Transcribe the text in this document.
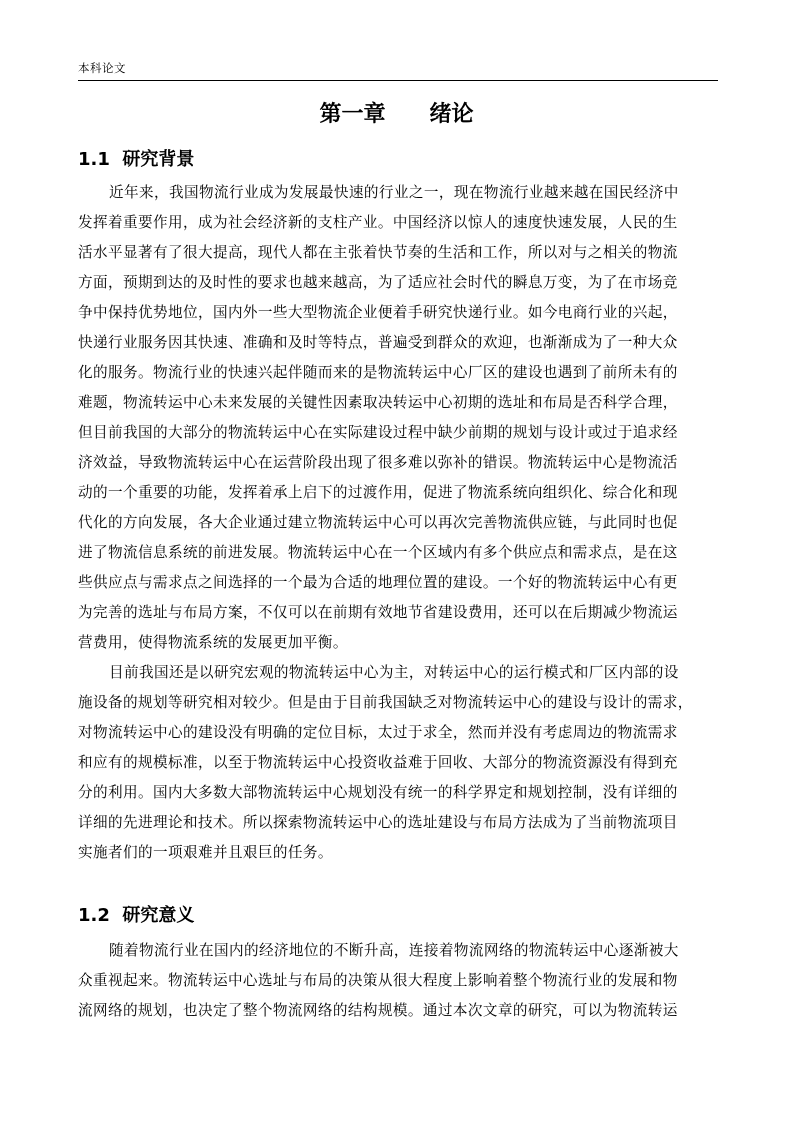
本科论文
第一章　　绪论
1.1  研究背景
近年来，我国物流行业成为发展最快速的行业之一，现在物流行业越来越在国民经济中
发挥着重要作用，成为社会经济新的支柱产业。中国经济以惊人的速度快速发展，人民的生
活水平显著有了很大提高，现代人都在主张着快节奏的生活和工作，所以对与之相关的物流
方面，预期到达的及时性的要求也越来越高，为了适应社会时代的瞬息万变，为了在市场竞
争中保持优势地位，国内外一些大型物流企业便着手研究快递行业。如今电商行业的兴起，
快递行业服务因其快速、准确和及时等特点，普遍受到群众的欢迎，也渐渐成为了一种大众
化的服务。物流行业的快速兴起伴随而来的是物流转运中心厂区的建设也遇到了前所未有的
难题，物流转运中心未来发展的关键性因素取决转运中心初期的选址和布局是否科学合理，
但目前我国的大部分的物流转运中心在实际建设过程中缺少前期的规划与设计或过于追求经
济效益，导致物流转运中心在运营阶段出现了很多难以弥补的错误。物流转运中心是物流活
动的一个重要的功能，发挥着承上启下的过渡作用，促进了物流系统向组织化、综合化和现
代化的方向发展，各大企业通过建立物流转运中心可以再次完善物流供应链，与此同时也促
进了物流信息系统的前进发展。物流转运中心在一个区域内有多个供应点和需求点，是在这
些供应点与需求点之间选择的一个最为合适的地理位置的建设。一个好的物流转运中心有更
为完善的选址与布局方案，不仅可以在前期有效地节省建设费用，还可以在后期减少物流运
营费用，使得物流系统的发展更加平衡。
目前我国还是以研究宏观的物流转运中心为主，对转运中心的运行模式和厂区内部的设
施设备的规划等研究相对较少。但是由于目前我国缺乏对物流转运中心的建设与设计的需求，
对物流转运中心的建设没有明确的定位目标，太过于求全，然而并没有考虑周边的物流需求
和应有的规模标准，以至于物流转运中心投资收益难于回收、大部分的物流资源没有得到充
分的利用。国内大多数大部物流转运中心规划没有统一的科学界定和规划控制，没有详细的
详细的先进理论和技术。所以探索物流转运中心的选址建设与布局方法成为了当前物流项目
实施者们的一项艰难并且艰巨的任务。
1.2  研究意义
随着物流行业在国内的经济地位的不断升高，连接着物流网络的物流转运中心逐渐被大
众重视起来。物流转运中心选址与布局的决策从很大程度上影响着整个物流行业的发展和物
流网络的规划，也决定了整个物流网络的结构规模。通过本次文章的研究，可以为物流转运
